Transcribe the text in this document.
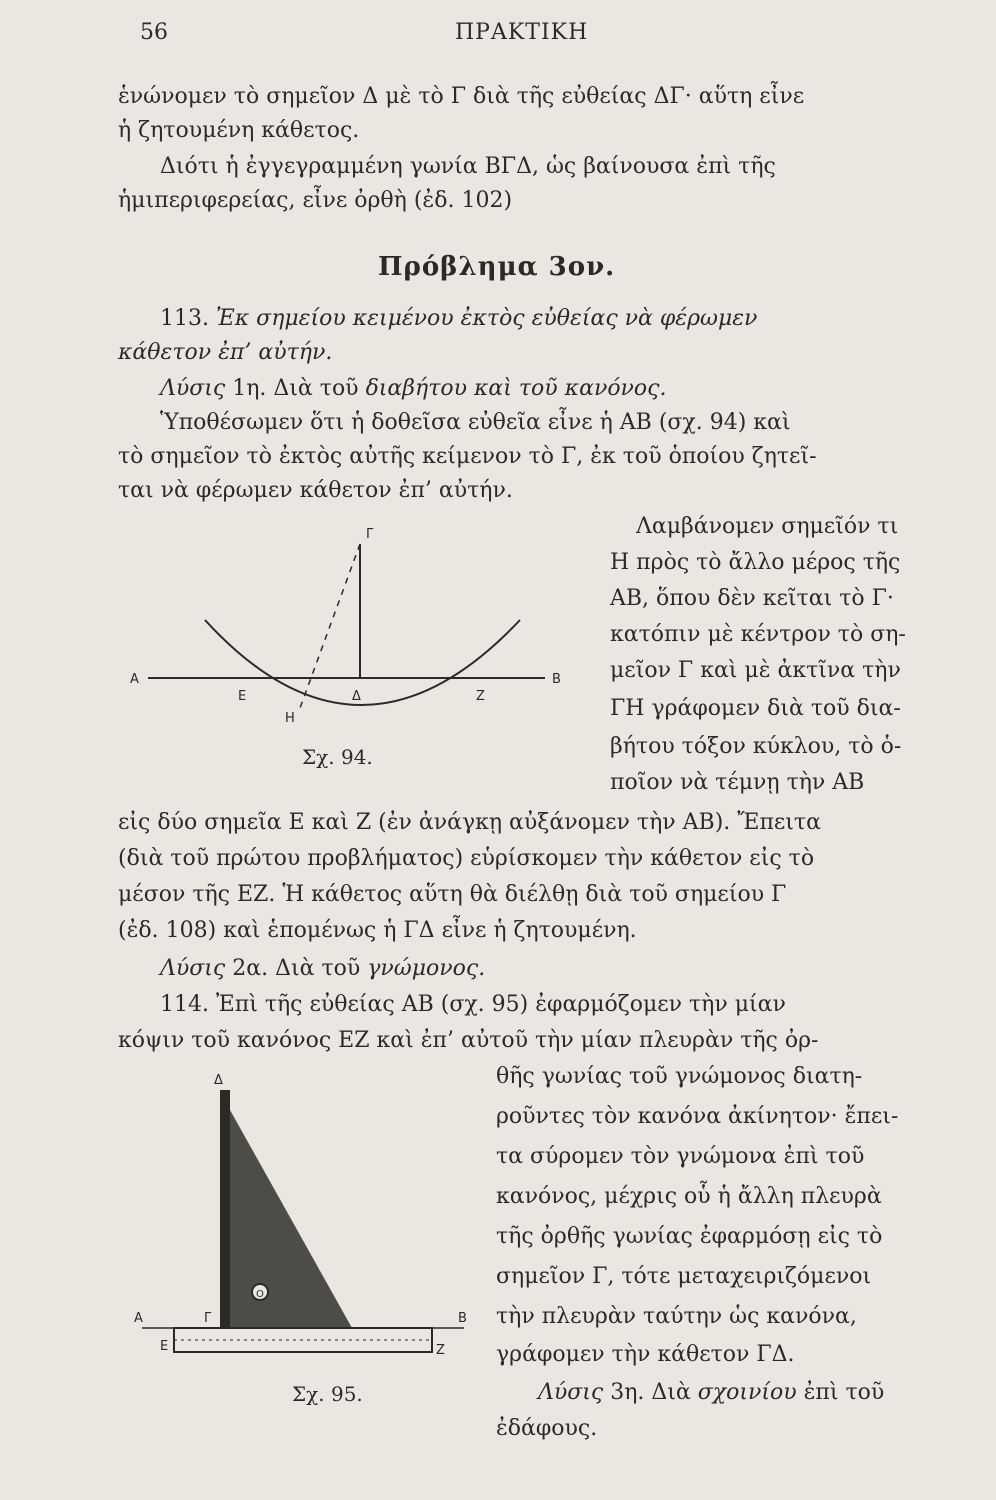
56	ΠΡΑΚΤΙΚΗ
ἑνώνομεν τὸ σημεῖον Δ μὲ τὸ Γ διὰ τῆς εὐθείας ΔΓ· αὕτη εἶνε
ἡ ζητουμένη κάθετος.
Διότι ἡ ἐγγεγραμμένη γωνία ΒΓΔ, ὡς βαίνουσα ἐπὶ τῆς
ἡμιπεριφερείας, εἶνε ὀρθὴ (ἐδ. 102)
Πρόβλημα 3ον.
113. Ἐκ σημείου κειμένου ἐκτὸς εὐθείας νὰ φέρωμεν
κάθετον ἐπ’ αὐτήν.
Λύσις 1η. Διὰ τοῦ διαβήτου καὶ τοῦ κανόνος.
Ὑποθέσωμεν ὅτι ἡ δοθεῖσα εὐθεῖα εἶνε ἡ ΑΒ (σχ. 94) καὶ
τὸ σημεῖον τὸ ἐκτὸς αὐτῆς κείμενον τὸ Γ, ἐκ τοῦ ὁποίου ζητεῖ-
ται νὰ φέρωμεν κάθετον ἐπ’ αὐτήν.
Α	Β
Γ
Δ
Ε	Ζ
Η
Σχ. 94.
Λαμβάνομεν σημεῖόν τι
Η πρὸς τὸ ἄλλο μέρος τῆς
ΑΒ, ὅπου δὲν κεῖται τὸ Γ·
κατόπιν μὲ κέντρον τὸ ση-
μεῖον Γ καὶ μὲ ἀκτῖνα τὴν
ΓΗ γράφομεν διὰ τοῦ δια-
βήτου τόξον κύκλου, τὸ ὁ-
ποῖον νὰ τέμνῃ τὴν ΑΒ
εἰς δύο σημεῖα Ε καὶ Ζ (ἐν ἀνάγκῃ αὐξάνομεν τὴν ΑΒ). Ἔπειτα
(διὰ τοῦ πρώτου προβλήματος) εὑρίσκομεν τὴν κάθετον εἰς τὸ
μέσον τῆς ΕΖ. Ἡ κάθετος αὕτη θὰ διέλθῃ διὰ τοῦ σημείου Γ
(ἐδ. 108) καὶ ἑπομένως ἡ ΓΔ εἶνε ἡ ζητουμένη.
Λύσις 2α. Διὰ τοῦ γνώμονος.
114. Ἐπὶ τῆς εὐθείας ΑΒ (σχ. 95) ἐφαρμόζομεν τὴν μίαν
κόψιν τοῦ κανόνος ΕΖ καὶ ἐπ’ αὐτοῦ τὴν μίαν πλευρὰν τῆς ὀρ-
Α	Β
Γ
Δ
Ε	Ζ
Ο
Σχ. 95.
θῆς γωνίας τοῦ γνώμονος διατη-
ροῦντες τὸν κανόνα ἀκίνητον· ἔπει-
τα σύρομεν τὸν γνώμονα ἐπὶ τοῦ
κανόνος, μέχρις οὗ ἡ ἄλλη πλευρὰ
τῆς ὀρθῆς γωνίας ἐφαρμόσῃ εἰς τὸ
σημεῖον Γ, τότε μεταχειριζόμενοι
τὴν πλευρὰν ταύτην ὡς κανόνα,
γράφομεν τὴν κάθετον ΓΔ.
Λύσις 3η. Διὰ σχοινίου ἐπὶ τοῦ
ἐδάφους.
